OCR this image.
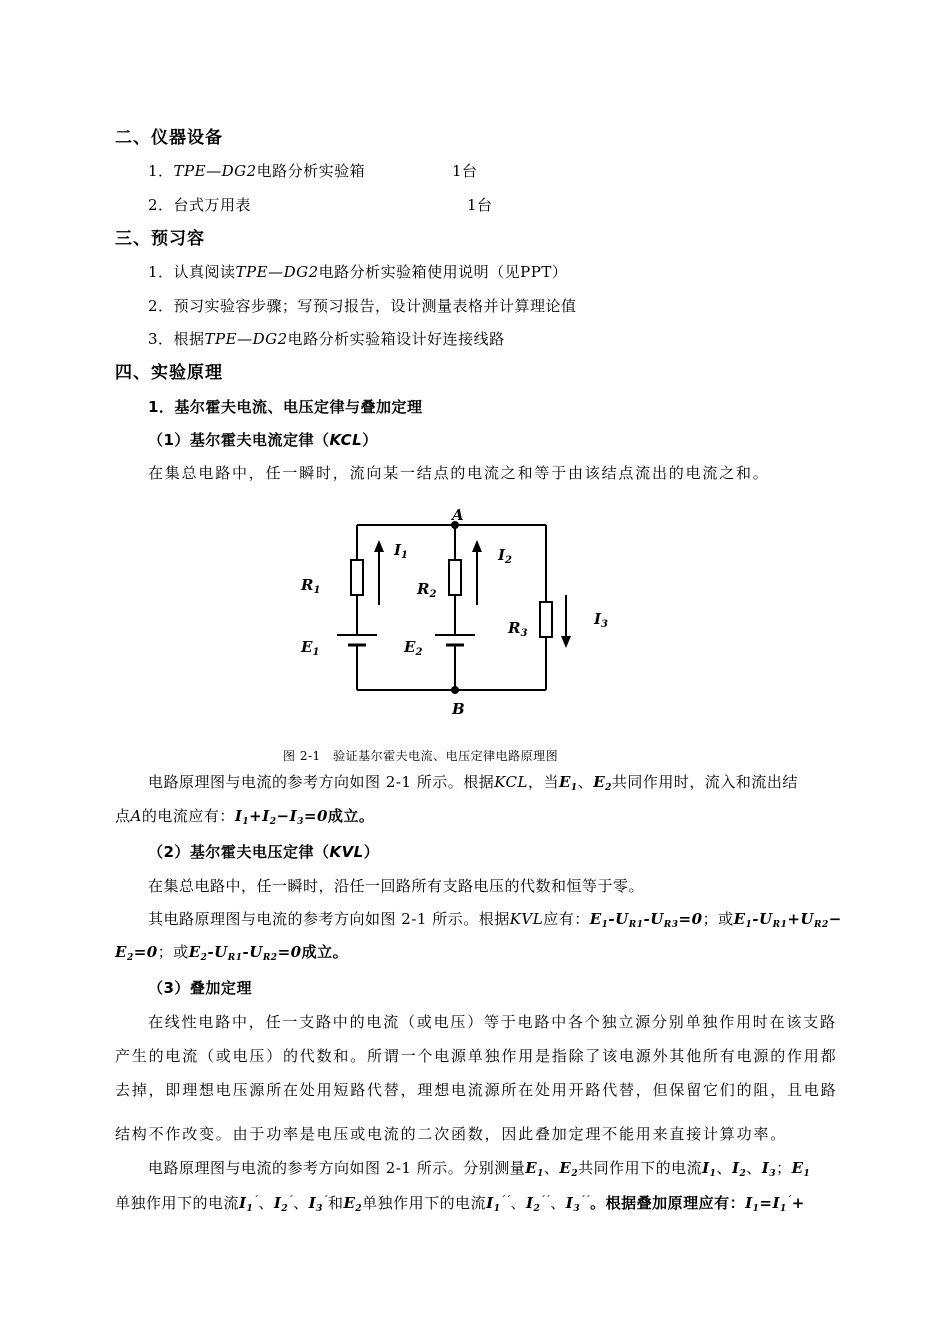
二、仪器设备
1．TPE—DG2电路分析实验箱	1台
2．台式万用表	1台
三、预习容
1．认真阅读TPE—DG2电路分析实验箱使用说明（见PPT）
2．预习实验容步骤；写预习报告，设计测量表格并计算理论值
3．根据TPE—DG2电路分析实验箱设计好连接线路
四、实验原理
1．基尔霍夫电流、电压定律与叠加定理
（1）基尔霍夫电流定律（KCL）
在集总电路中，任一瞬时，流向某一结点的电流之和等于由该结点流出的电流之和。
A
B
$R_1$	$R_2$
$R_3$
$E_1$	$E_2$
$I_1$	$I_2$
$I_3$
图 2-1　验证基尔霍夫电流、电压定律电路原理图
电路原理图与电流的参考方向如图 2-1 所示。根据KCL，当$E_1$、$E_2$共同作用时，流入和流出结
点A的电流应有：$I_1+I_2-I_3=0$成立。
（2）基尔霍夫电压定律（KVL）
在集总电路中，任一瞬时，沿任一回路所有支路电压的代数和恒等于零。
其电路原理图与电流的参考方向如图 2-1 所示。根据KVL应有：$E_1-U_{R1}-U_{R3}=0$；或$E_1-U_{R1}+U_{R2}-$
$E_2=0$；或$E_2-U_{R1}-U_{R2}=0$成立。
（3）叠加定理
在线性电路中，任一支路中的电流（或电压）等于电路中各个独立源分别单独作用时在该支路
产生的电流（或电压）的代数和。所谓一个电源单独作用是指除了该电源外其他所有电源的作用都
去掉，即理想电压源所在处用短路代替，理想电流源所在处用开路代替，但保留它们的阻，且电路
结构不作改变。由于功率是电压或电流的二次函数，因此叠加定理不能用来直接计算功率。
电路原理图与电流的参考方向如图 2-1 所示。分别测量$E_1$、$E_2$共同作用下的电流$I_1$、$I_2$、$I_3$；$E_1$
单独作用下的电流$I_1^´$、$I_2^´$、$I_3^´$和$E_2$单独作用下的电流$I_1^{´´}$、$I_2^{´´}$、$I_3^{´´}$。根据叠加原理应有：$I_1=I_1^´+$
